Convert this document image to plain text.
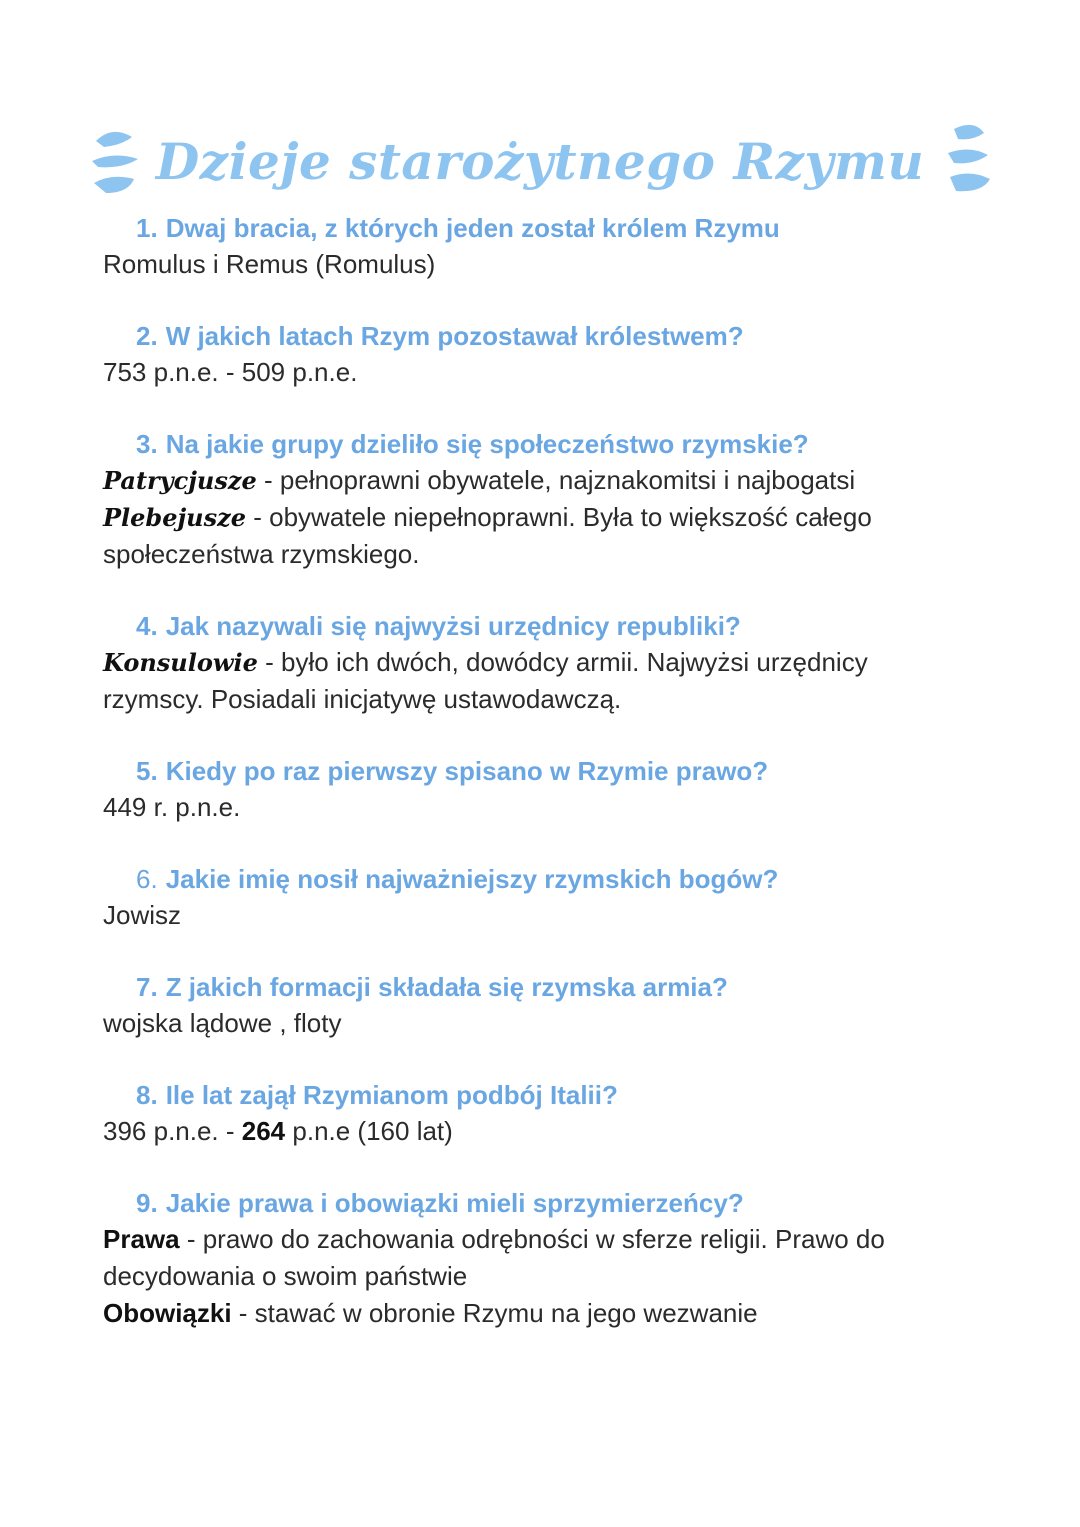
Dzieje starożytnego Rzymu
1. Dwaj bracia, z których jeden został królem Rzymu
Romulus i Remus (Romulus)
2. W jakich latach Rzym pozostawał królestwem?
753 p.n.e. - 509 p.n.e.
3. Na jakie grupy dzieliło się społeczeństwo rzymskie?
Patrycjusze - pełnoprawni obywatele, najznakomitsi i najbogatsi
Plebejusze - obywatele niepełnoprawni. Była to większość całego społeczeństwa rzymskiego.
4. Jak nazywali się najwyżsi urzędnicy republiki?
Konsulowie - było ich dwóch, dowódcy armii. Najwyżsi urzędnicy rzymscy. Posiadali inicjatywę ustawodawczą.
5. Kiedy po raz pierwszy spisano w Rzymie prawo?
449 r. p.n.e.
6. Jakie imię nosił najważniejszy rzymskich bogów?
Jowisz
7. Z jakich formacji składała się rzymska armia?
wojska lądowe , floty
8. Ile lat zajął Rzymianom podbój Italii?
396 p.n.e. - 264 p.n.e (160 lat)
9. Jakie prawa i obowiązki mieli sprzymierzeńcy?
Prawa - prawo do zachowania odrębności w sferze religii. Prawo do decydowania o swoim państwie
Obowiązki - stawać w obronie Rzymu na jego wezwanie
